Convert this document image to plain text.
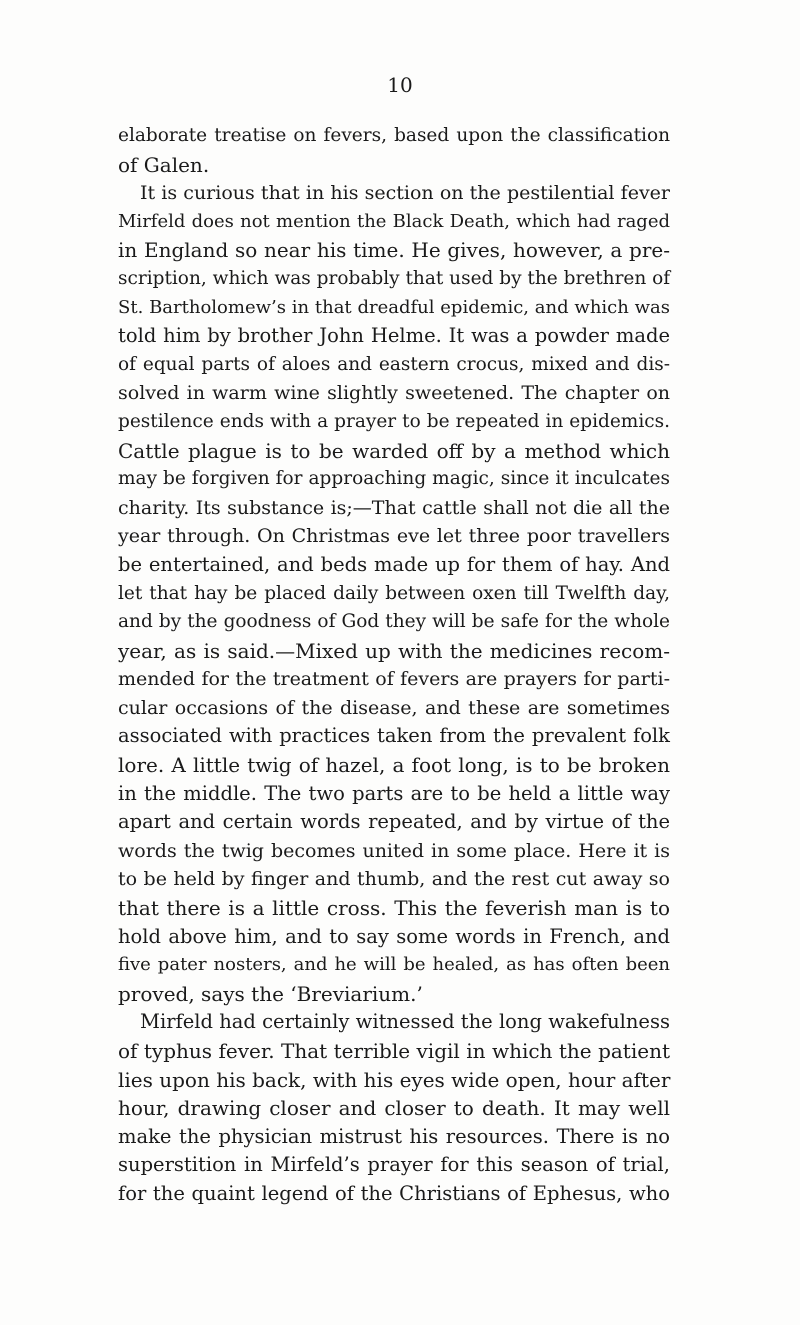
10
elaborate treatise on fevers, based upon the classification
of Galen.
It is curious that in his section on the pestilential fever
Mirfeld does not mention the Black Death, which had raged
in England so near his time. He gives, however, a pre-
scription, which was probably that used by the brethren of
St. Bartholomew’s in that dreadful epidemic, and which was
told him by brother John Helme. It was a powder made
of equal parts of aloes and eastern crocus, mixed and dis-
solved in warm wine slightly sweetened. The chapter on
pestilence ends with a prayer to be repeated in epidemics.
Cattle plague is to be warded off by a method which
may be forgiven for approaching magic, since it inculcates
charity. Its substance is;—That cattle shall not die all the
year through. On Christmas eve let three poor travellers
be entertained, and beds made up for them of hay. And
let that hay be placed daily between oxen till Twelfth day,
and by the goodness of God they will be safe for the whole
year, as is said.—Mixed up with the medicines recom-
mended for the treatment of fevers are prayers for parti-
cular occasions of the disease, and these are sometimes
associated with practices taken from the prevalent folk
lore. A little twig of hazel, a foot long, is to be broken
in the middle. The two parts are to be held a little way
apart and certain words repeated, and by virtue of the
words the twig becomes united in some place. Here it is
to be held by finger and thumb, and the rest cut away so
that there is a little cross. This the feverish man is to
hold above him, and to say some words in French, and
five pater nosters, and he will be healed, as has often been
proved, says the ‘Breviarium.’
Mirfeld had certainly witnessed the long wakefulness
of typhus fever. That terrible vigil in which the patient
lies upon his back, with his eyes wide open, hour after
hour, drawing closer and closer to death. It may well
make the physician mistrust his resources. There is no
superstition in Mirfeld’s prayer for this season of trial,
for the quaint legend of the Christians of Ephesus, who
